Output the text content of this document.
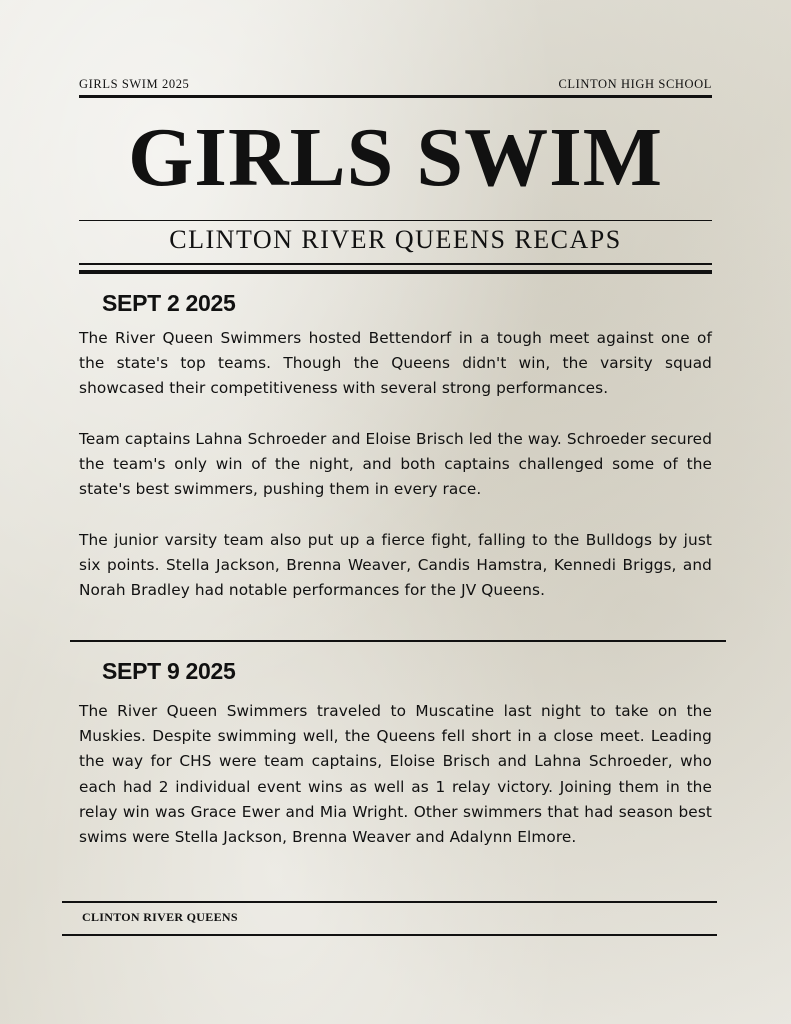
GIRLS SWIM 2025	CLINTON HIGH SCHOOL
GIRLS SWIM
CLINTON RIVER QUEENS RECAPS
SEPT 2 2025

The River Queen Swimmers hosted Bettendorf in a tough meet against one of the state's top teams. Though the Queens didn't win, the varsity squad showcased their competitiveness with several strong performances.

Team captains Lahna Schroeder and Eloise Brisch led the way. Schroeder secured the team's only win of the night, and both captains challenged some of the state's best swimmers, pushing them in every race.

The junior varsity team also put up a fierce fight, falling to the Bulldogs by just six points. Stella Jackson, Brenna Weaver, Candis Hamstra, Kennedi Briggs, and Norah Bradley had notable performances for the JV Queens.

SEPT 9 2025

The River Queen Swimmers traveled to Muscatine last night to take on the Muskies. Despite swimming well, the Queens fell short in a close meet. Leading the way for CHS were team captains, Eloise Brisch and Lahna Schroeder, who each had 2 individual event wins as well as 1 relay victory. Joining them in the relay win was Grace Ewer and Mia Wright. Other swimmers that had season best swims were Stella Jackson, Brenna Weaver and Adalynn Elmore.

CLINTON RIVER QUEENS
